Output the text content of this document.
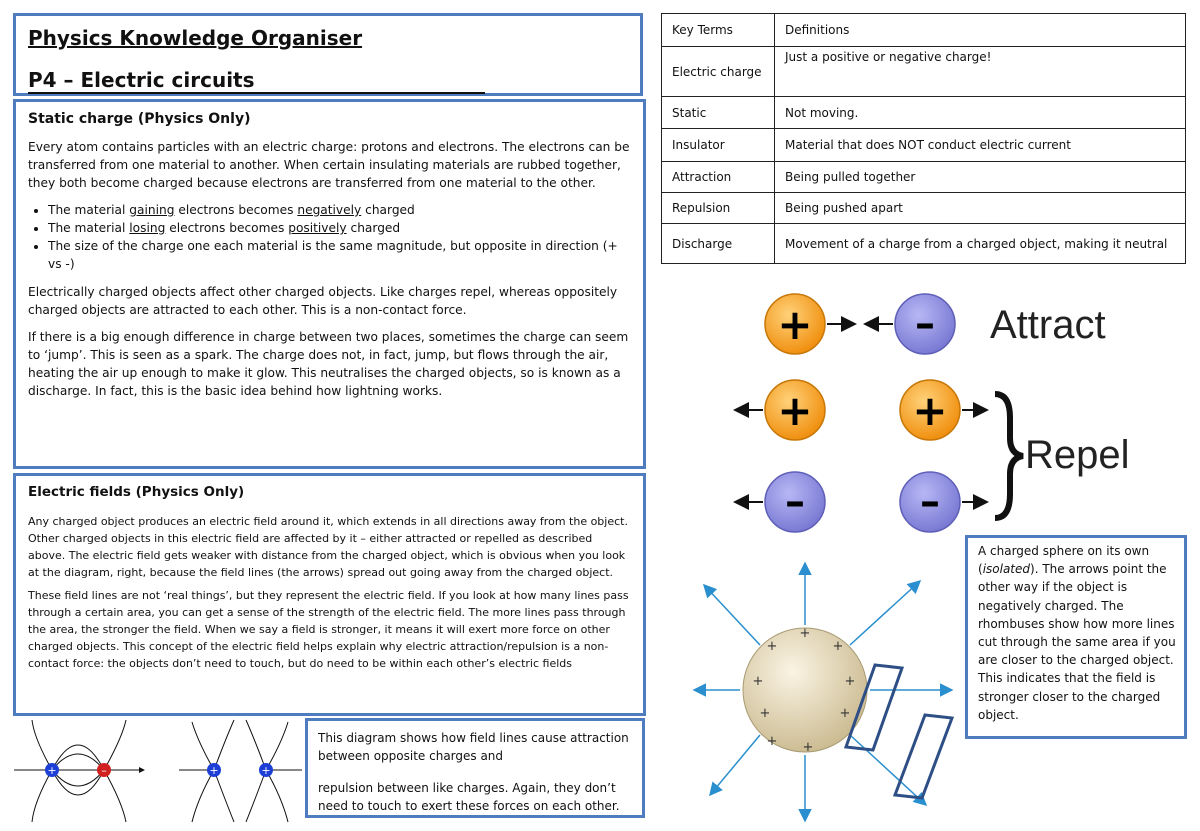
Physics Knowledge Organiser
P4 – Electric circuits
Static charge (Physics Only)

Every atom contains particles with an electric charge: protons and electrons. The electrons can be transferred from one material to another. When certain insulating materials are rubbed together, they both become charged because electrons are transferred from one material to the other.

• The material gaining electrons becomes negatively charged
• The material losing electrons becomes positively charged
• The size of the charge one each material is the same magnitude, but opposite in direction (+ vs -)

Electrically charged objects affect other charged objects. Like charges repel, whereas oppositely charged objects are attracted to each other. This is a non-contact force.

If there is a big enough difference in charge between two places, sometimes the charge can seem to ‘jump’. This is seen as a spark. The charge does not, in fact, jump, but flows through the air, heating the air up enough to make it glow. This neutralises the charged objects, so is known as a discharge. In fact, this is the basic idea behind how lightning works.

Electric fields (Physics Only)

Any charged object produces an electric field around it, which extends in all directions away from the object. Other charged objects in this electric field are affected by it – either attracted or repelled as described above. The electric field gets weaker with distance from the charged object, which is obvious when you look at the diagram, right, because the field lines (the arrows) spread out going away from the charged object.

These field lines are not ‘real things’, but they represent the electric field. If you look at how many lines pass through a certain area, you can get a sense of the strength of the electric field. The more lines pass through the area, the stronger the field. When we say a field is stronger, it means it will exert more force on other charged objects. This concept of the electric field helps explain why electric attraction/repulsion is a non-contact force: the objects don’t need to touch, but do need to be within each other’s electric fields

+	–	+	+
This diagram shows how field lines cause attraction between opposite charges and
repulsion between like charges. Again, they don’t need to touch to exert these forces on each other.
Key Terms	Definitions
Electric charge	Just a positive or negative charge!
Static	Not moving.
Insulator	Material that does NOT conduct electric current
Attraction	Being pulled together
Repulsion	Being pushed apart
Discharge	Movement of a charge from a charged object, making it neutral
+	– Attract
+ +
–	–
Repel
+
+	+
+	+
+	+
+ +
A charged sphere on its own (isolated). The arrows point the other way if the object is negatively charged. The rhombuses show how more lines cut through the same area if you are closer to the charged object. This indicates that the field is stronger closer to the charged object.
